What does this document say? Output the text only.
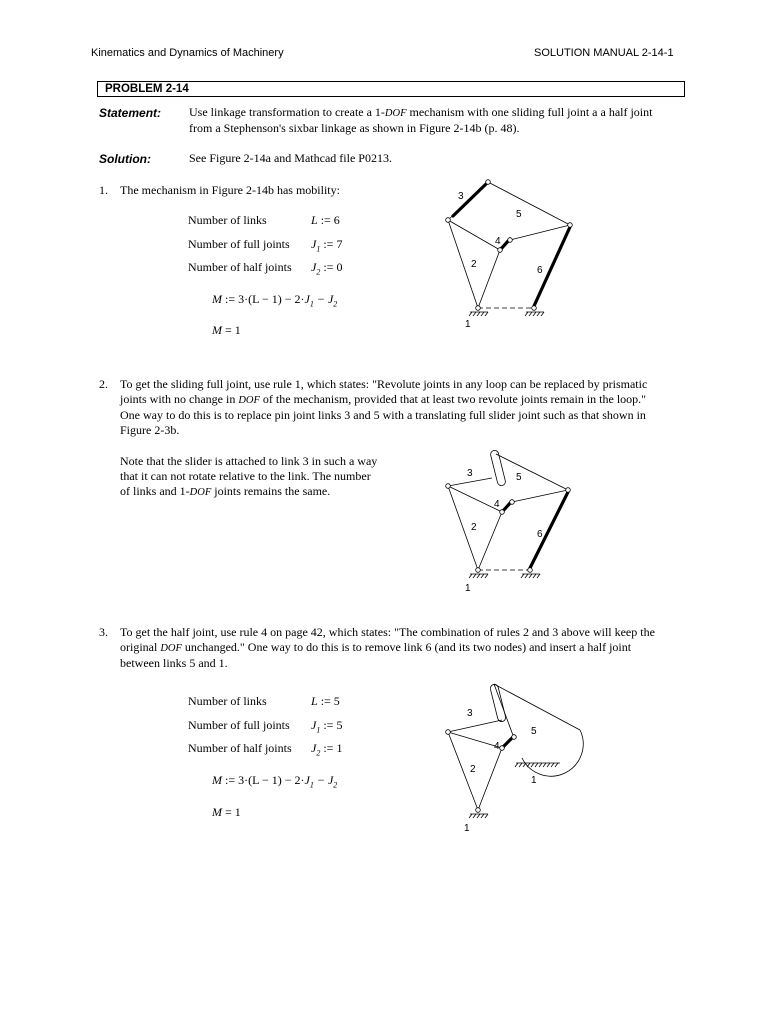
Kinematics and Dynamics of Machinery	SOLUTION MANUAL 2-14-1
PROBLEM 2-14
Statement: Use linkage transformation to create a 1-DOF mechanism with one sliding full joint a a half joint
from a Stephenson's sixbar linkage as shown in Figure 2-14b (p. 48).
Solution:	See Figure 2-14a and Mathcad file P0213.
1. The mechanism in Figure 2-14b has mobility:
Number of links	L := 6
Number of full joints $J_1$ := 7
Number of half joints $J_2$ := 0
M := $3\cdot(L - 1) - 2\cdot J_1 - J_2$
M = 1
3
5
4
2
6
1
2. To get the sliding full joint, use rule 1, which states: "Revolute joints in any loop can be replaced by prismatic
joints with no change in DOF of the mechanism, provided that at least two revolute joints remain in the loop."
One way to do this is to replace pin joint links 3 and 5 with a translating full slider joint such as that shown in
Figure 2-3b.
Note that the slider is attached to link 3 in such a way
that it can not rotate relative to the link. The number
of links and 1-DOF joints remains the same.
3	5
4
2
6
1
3. To get the half joint, use rule 4 on page 42, which states: "The combination of rules 2 and 3 above will keep the
original DOF unchanged." One way to do this is to remove link 6 (and its two nodes) and insert a half joint
between links 5 and 1.
Number of links	L := 5
Number of full joints $J_1$ := 5
Number of half joints $J_2$ := 1
M := $3\cdot(L - 1) - 2\cdot J_1 - J_2$
M = 1
3
5
4
2
1
1
